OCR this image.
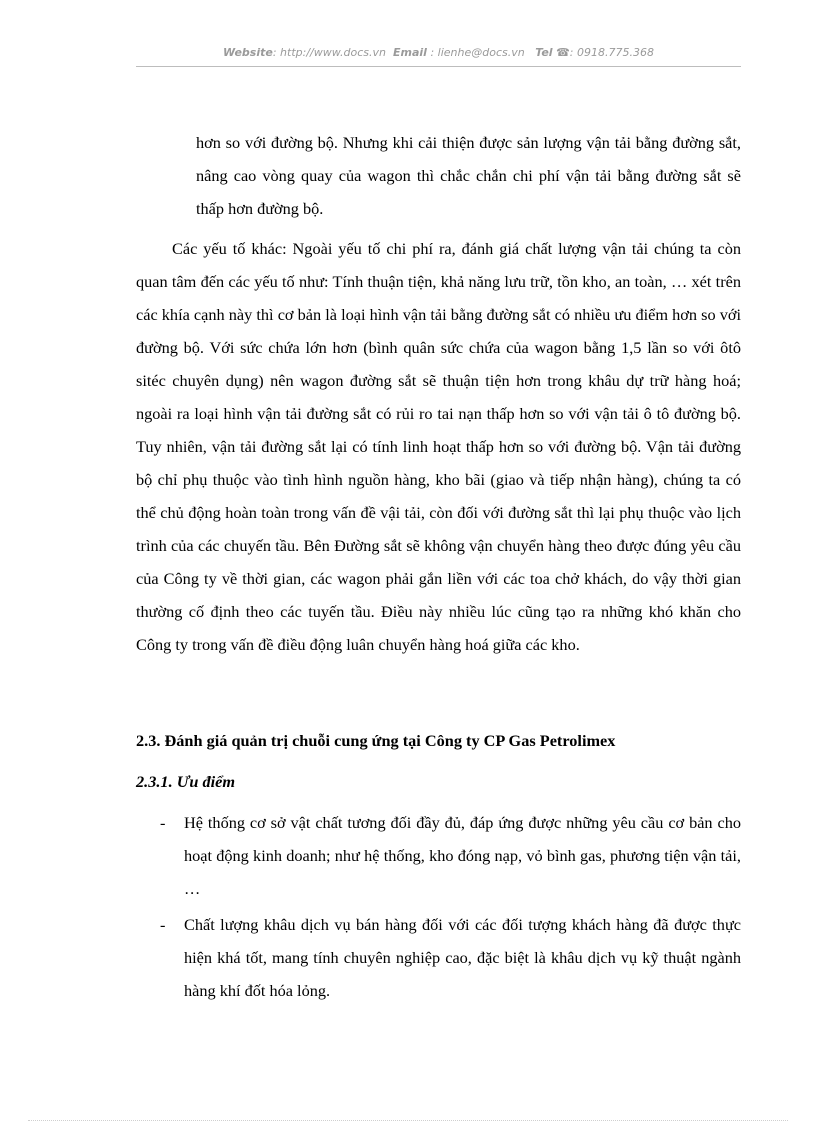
Website: http://www.docs.vn Email : lienhe@docs.vn Tel ☎: 0918.775.368
hơn so với đường bộ. Nhưng khi cải thiện được sản lượng vận tải bằng đường sắt, nâng cao vòng quay của wagon thì chắc chắn chi phí vận tải bằng đường sắt sẽ thấp hơn đường bộ.
Các yếu tố khác: Ngoài yếu tố chi phí ra, đánh giá chất lượng vận tải chúng ta còn quan tâm đến các yếu tố như: Tính thuận tiện, khả năng lưu trữ, tồn kho, an toàn, … xét trên các khía cạnh này thì cơ bản là loại hình vận tải bằng đường sắt có nhiều ưu điểm hơn so với đường bộ. Với sức chứa lớn hơn (bình quân sức chứa của wagon bằng 1,5 lần so với ôtô sitéc chuyên dụng) nên wagon đường sắt sẽ thuận tiện hơn trong khâu dự trữ hàng hoá; ngoài ra loại hình vận tải đường sắt có rủi ro tai nạn thấp hơn so với vận tải ô tô đường bộ. Tuy nhiên, vận tải đường sắt lại có tính linh hoạt thấp hơn so với đường bộ. Vận tải đường bộ chỉ phụ thuộc vào tình hình nguồn hàng, kho bãi (giao và tiếp nhận hàng), chúng ta có thể chủ động hoàn toàn trong vấn đề vậi tải, còn đối với đường sắt thì lại phụ thuộc vào lịch trình của các chuyến tầu. Bên Đường sắt sẽ không vận chuyển hàng theo được đúng yêu cầu của Công ty về thời gian, các wagon phải gắn liền với các toa chở khách, do vậy thời gian thường cố định theo các tuyến tầu. Điều này nhiều lúc cũng tạo ra những khó khăn cho Công ty trong vấn đề điều động luân chuyển hàng hoá giữa các kho.
2.3. Đánh giá quản trị chuỗi cung ứng tại Công ty CP Gas Petrolimex
2.3.1. Ưu điểm
- Hệ thống cơ sở vật chất tương đối đầy đủ, đáp ứng được những yêu cầu cơ bản cho hoạt động kinh doanh; như hệ thống, kho đóng nạp, vỏ bình gas, phương tiện vận tải, …
- Chất lượng khâu dịch vụ bán hàng đối với các đối tượng khách hàng đã được thực hiện khá tốt, mang tính chuyên nghiệp cao, đặc biệt là khâu dịch vụ kỹ thuật ngành hàng khí đốt hóa lỏng.
